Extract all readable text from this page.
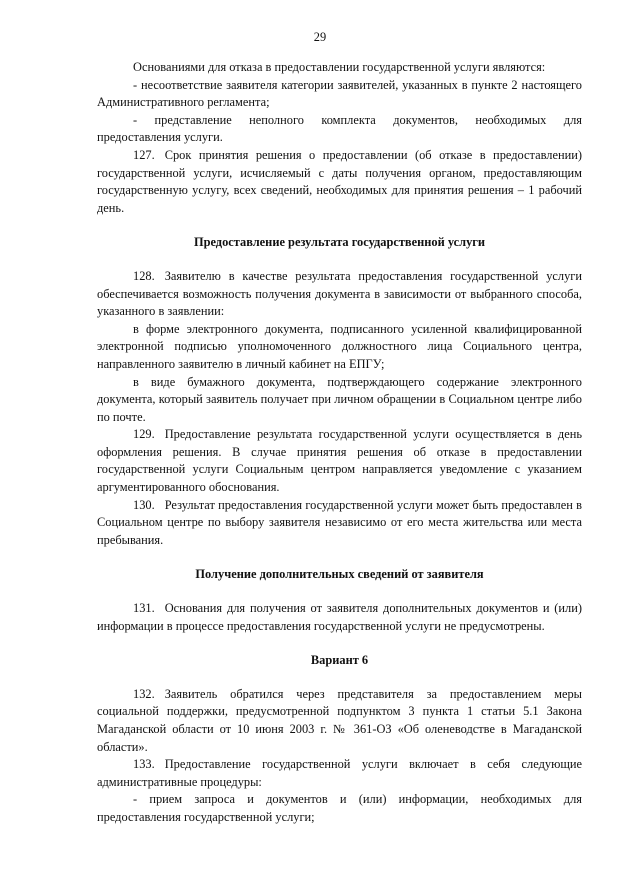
29

Основаниями для отказа в предоставлении государственной услуги являются:

- несоответствие заявителя категории заявителей, указанных в пункте 2 настоящего Административного регламента;

- представление неполного комплекта документов, необходимых для предоставления услуги.

127. Срок принятия решения о предоставлении (об отказе в предоставлении) государственной услуги, исчисляемый с даты получения органом, предоставляющим государственную услугу, всех сведений, необходимых для принятия решения – 1 рабочий день.

Предоставление результата государственной услуги

128. Заявителю в качестве результата предоставления государственной услуги обеспечивается возможность получения документа в зависимости от выбранного способа, указанного в заявлении:

в форме электронного документа, подписанного усиленной квалифицированной электронной подписью уполномоченного должностного лица Социального центра, направленного заявителю в личный кабинет на ЕПГУ;

в виде бумажного документа, подтверждающего содержание электронного документа, который заявитель получает при личном обращении в Социальном центре либо по почте.

129. Предоставление результата государственной услуги осуществляется в день оформления решения. В случае принятия решения об отказе в предоставлении государственной услуги Социальным центром направляется уведомление с указанием аргументированного обоснования.

130. Результат предоставления государственной услуги может быть предоставлен в Социальном центре по выбору заявителя независимо от его места жительства или места пребывания.

Получение дополнительных сведений от заявителя

131. Основания для получения от заявителя дополнительных документов и (или) информации в процессе предоставления государственной услуги не предусмотрены.

Вариант 6

132. Заявитель обратился через представителя за предоставлением меры социальной поддержки, предусмотренной подпунктом 3 пункта 1 статьи 5.1 Закона Магаданской области от 10 июня 2003 г. № 361-ОЗ «Об оленеводстве в Магаданской области».

133. Предоставление государственной услуги включает в себя следующие административные процедуры:

- прием запроса и документов и (или) информации, необходимых для предоставления государственной услуги;
